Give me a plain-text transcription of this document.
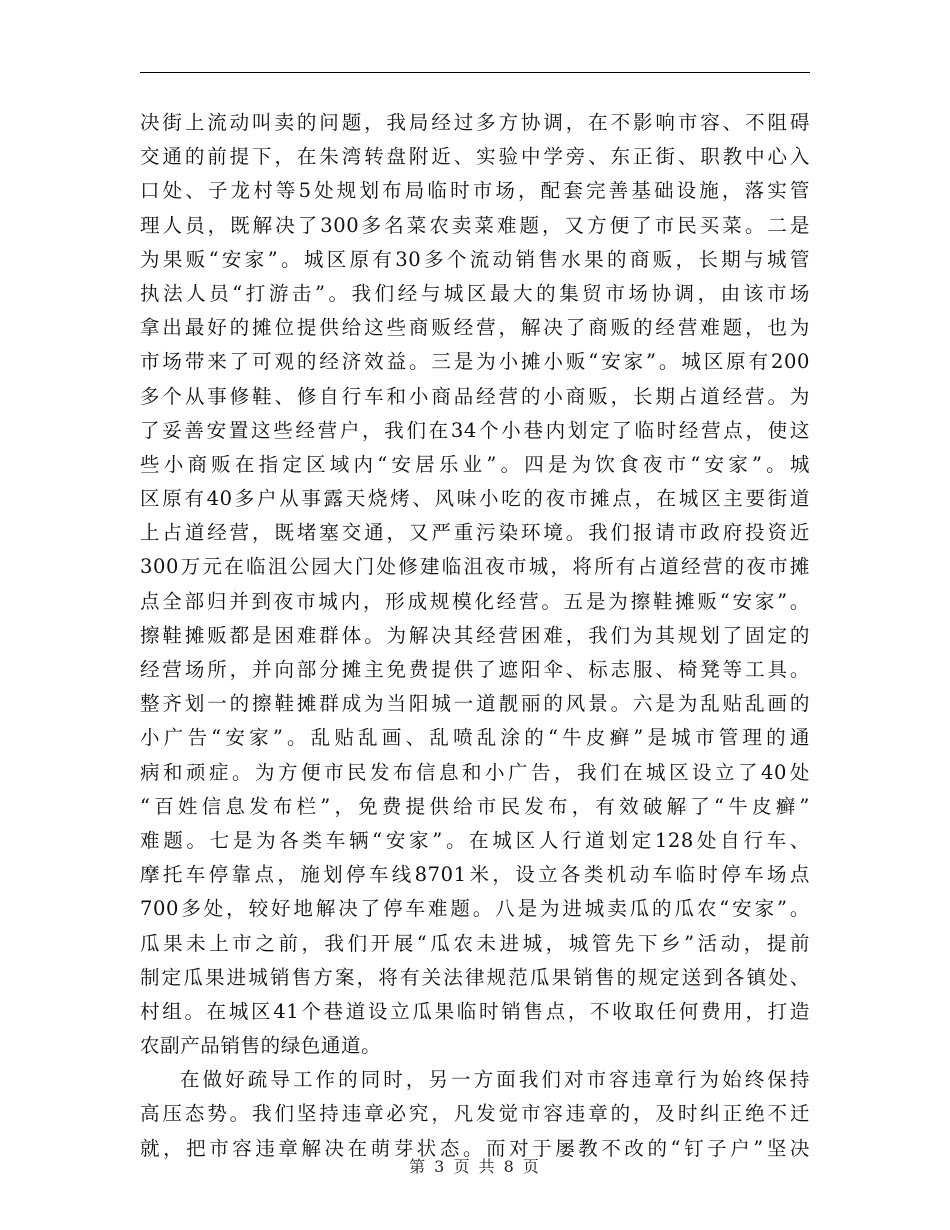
决街上流动叫卖的问题，我局经过多方协调，在不影响市容、不阻碍
交通的前提下，在朱湾转盘附近、实验中学旁、东正街、职教中心入
口处、子龙村等5处规划布局临时市场，配套完善基础设施，落实管
理人员，既解决了300多名菜农卖菜难题，又方便了市民买菜。二是
为果贩“安家”。城区原有30多个流动销售水果的商贩，长期与城管
执法人员“打游击”。我们经与城区最大的集贸市场协调，由该市场
拿出最好的摊位提供给这些商贩经营，解决了商贩的经营难题，也为
市场带来了可观的经济效益。三是为小摊小贩“安家”。城区原有200
多个从事修鞋、修自行车和小商品经营的小商贩，长期占道经营。为
了妥善安置这些经营户，我们在34个小巷内划定了临时经营点，使这
些小商贩在指定区域内“安居乐业”。四是为饮食夜市“安家”。城
区原有40多户从事露天烧烤、风味小吃的夜市摊点，在城区主要街道
上占道经营，既堵塞交通，又严重污染环境。我们报请市政府投资近
300万元在临沮公园大门处修建临沮夜市城，将所有占道经营的夜市摊
点全部归并到夜市城内，形成规模化经营。五是为擦鞋摊贩“安家”。
擦鞋摊贩都是困难群体。为解决其经营困难，我们为其规划了固定的
经营场所，并向部分摊主免费提供了遮阳伞、标志服、椅凳等工具。
整齐划一的擦鞋摊群成为当阳城一道靓丽的风景。六是为乱贴乱画的
小广告“安家”。乱贴乱画、乱喷乱涂的“牛皮癣”是城市管理的通
病和顽症。为方便市民发布信息和小广告，我们在城区设立了40处
“百姓信息发布栏”，免费提供给市民发布，有效破解了“牛皮癣”
难题。七是为各类车辆“安家”。在城区人行道划定128处自行车、
摩托车停靠点，施划停车线8701米，设立各类机动车临时停车场点
700多处，较好地解决了停车难题。八是为进城卖瓜的瓜农“安家”。
瓜果未上市之前，我们开展“瓜农未进城，城管先下乡”活动，提前
制定瓜果进城销售方案，将有关法律规范瓜果销售的规定送到各镇处、
村组。在城区41个巷道设立瓜果临时销售点，不收取任何费用，打造
农副产品销售的绿色通道。
在做好疏导工作的同时，另一方面我们对市容违章行为始终保持
高压态势。我们坚持违章必究，凡发觉市容违章的，及时纠正绝不迁
就，把市容违章解决在萌芽状态。而对于屡教不改的“钉子户”坚决
第 3 页 共 8 页
